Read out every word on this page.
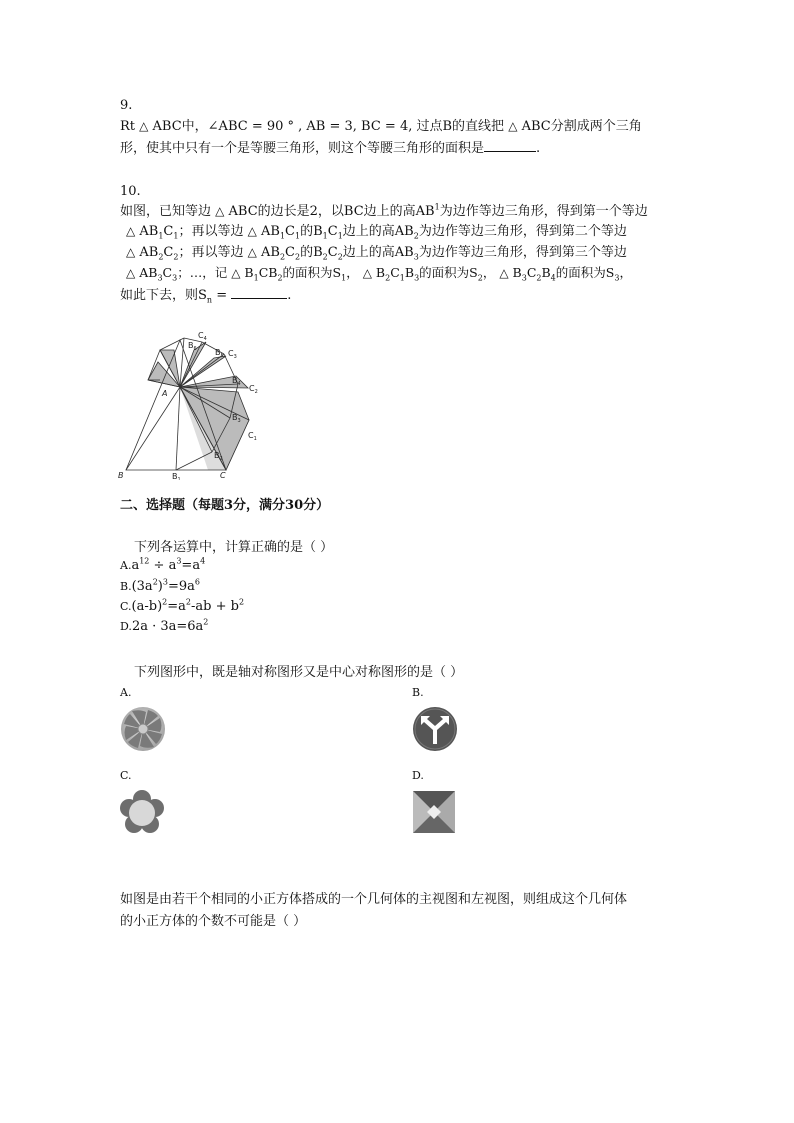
9.
Rt △ ABC中，∠ABC = 90 ° , AB = 3, BC = 4, 过点B的直线把 △ ABC分割成两个三角
形，使其中只有一个是等腰三角形，则这个等腰三角形的面积是	.
10.
如图，已知等边 △ ABC的边长是2，以BC边上的高$AB^1$为边作等边三角形，得到第一个等边
△ $AB_1C_1$；再以等边 △ $AB_1C_1$的$B_1C_1$边上的高$AB_2$为边作等边三角形，得到第二个等边
△ $AB_2C_2$；再以等边 △ $AB_2C_2$的$B_2C_2$边上的高$AB_3$为边作等边三角形，得到第三个等边
△ $AB_3C_3$；…，记 △ $B_1CB_2$的面积为$S_1$， △ $B_2C_1B_3$的面积为$S_2$， △ $B_3C_2B_4$的面积为$S_3$，
如此下去，则$S_n$ =	.
A
B	$B_1$
$B_2$
C
$C_1$
$B_3$
$C_2$
$B_4$
$C_3$
$B_5$
$C_4$
$B_6$
二、选择题（每题3分，满分30分）
下列各运算中，计算正确的是（ ）
$A.a^{12} \div a^3=a^4$
$B.(3a^2)^3=9a^6$
$C.(a-b)^2=a^2-ab + b^2$
$D.2a \cdot 3a=6a^2$
下列图形中，既是轴对称图形又是中心对称图形的是（ ）
A.	B.
C.	D.
如图是由若干个相同的小正方体搭成的一个几何体的主视图和左视图，则组成这个几何体
的小正方体的个数不可能是（ ）
